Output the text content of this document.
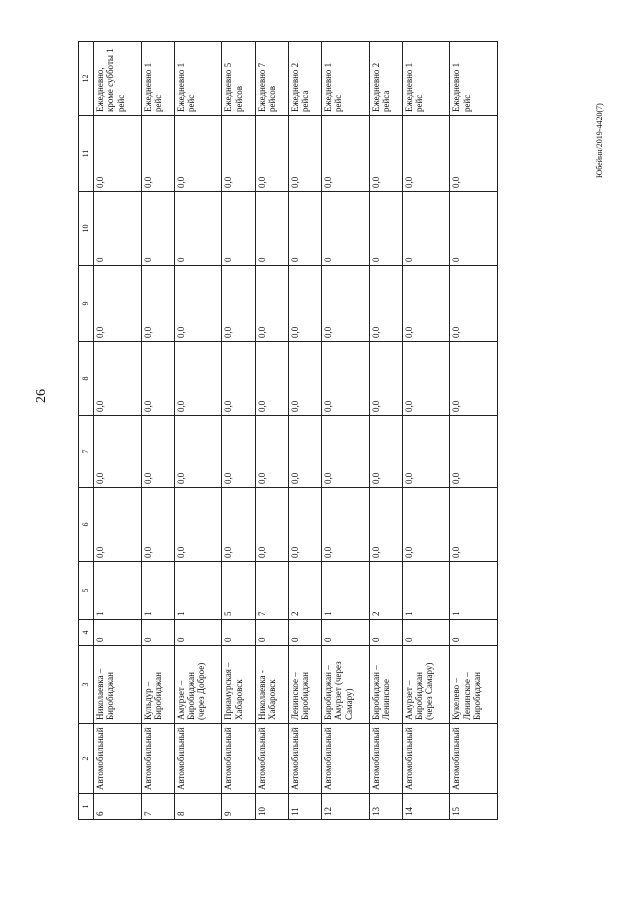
26
Юбейнн/2019-4420(7)
1	2	3	4	5	6	7	8	9	10	11	12
6	Автомобильный	Николаевка – Биробиджан	0	1	0,0	0,0	0,0	0,0	0	0,0	Ежедневно, кроме субботы 1 рейс
7	Автомобильный	Кульдур – Биробиджан	0	1	0,0	0,0	0,0	0,0	0	0,0	Ежедневно 1 рейс
8	Автомобильный	Амурзет – Биробиджан (через Доброе)	0	1	0,0	0,0	0,0	0,0	0	0,0	Ежедневно 1 рейс
9	Автомобильный	Приамурская – Хабаровск	0	5	0,0	0,0	0,0	0,0	0	0,0	Ежедневно 5 рейсов
10	Автомобильный	Николаевка - Хабаровск	0	7	0,0	0,0	0,0	0,0	0	0,0	Ежедневно 7 рейсов
11	Автомобильный	Ленинское – Биробиджан	0	2	0,0	0,0	0,0	0,0	0	0,0	Ежедневно 2 рейса
12	Автомобильный	Биробиджан – Амурзет (через Самару)	0	1	0,0	0,0	0,0	0,0	0	0,0	Ежедневно 1 рейс
13	Автомобильный	Биробиджан – Ленинское	0	2	0,0	0,0	0,0	0,0	0	0,0	Ежедневно 2 рейса
14	Автомобильный	Амурзет – Биробиджан (через Самару)	0	1	0,0	0,0	0,0	0,0	0	0,0	Ежедневно 1 рейс
15	Автомобильный	Кукелево – Ленинское – Биробиджан	0	1	0,0	0,0	0,0	0,0	0	0,0	Ежедневно 1 рейс
